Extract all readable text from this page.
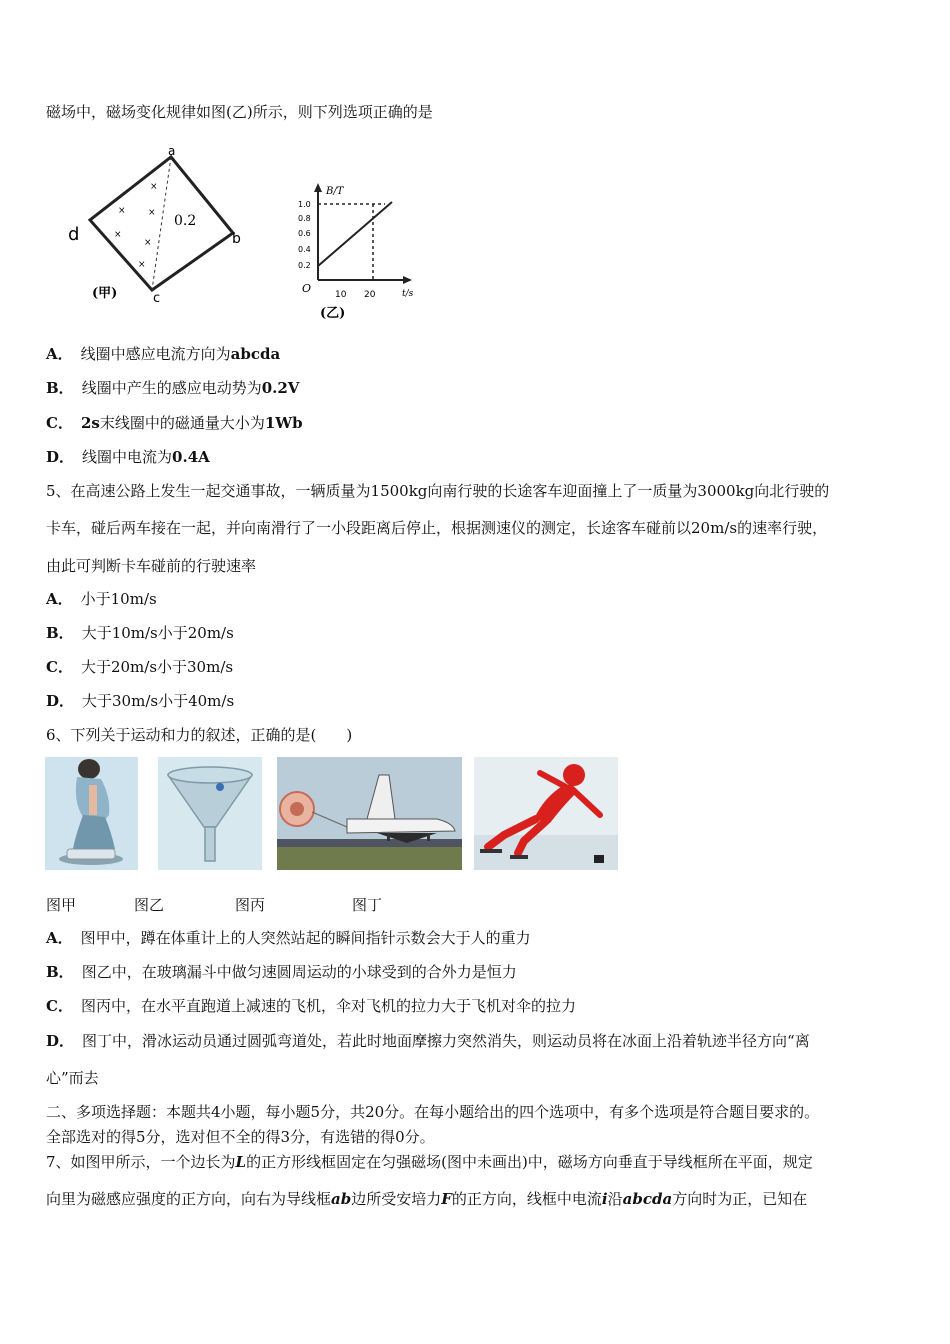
磁场中，磁场变化规律如图(乙)所示，则下列选项正确的是
a
b
c
d
×
× ×
×
×
×
0.2
(甲)
B/T
t/s
1.0
0.8
0.6
0.4
0.2
O	10 20
(乙)
A． 线圈中感应电流方向为abcda
B． 线圈中产生的感应电动势为0.2V
C． 2s末线圈中的磁通量大小为1Wb
D． 线圈中电流为0.4A
5、在高速公路上发生一起交通事故，一辆质量为1500kg向南行驶的长途客车迎面撞上了一质量为3000kg向北行驶的
卡车，碰后两车接在一起，并向南滑行了一小段距离后停止，根据测速仪的测定，长途客车碰前以20m/s的速率行驶，
由此可判断卡车碰前的行驶速率
A． 小于10m/s
B． 大于10m/s小于20m/s
C． 大于20m/s小于30m/s
D． 大于30m/s小于40m/s
6、下列关于运动和力的叙述，正确的是(　　)
图甲	图乙	图丙	图丁
A． 图甲中，蹲在体重计上的人突然站起的瞬间指针示数会大于人的重力
B． 图乙中，在玻璃漏斗中做匀速圆周运动的小球受到的合外力是恒力
C． 图丙中，在水平直跑道上减速的飞机，伞对飞机的拉力大于飞机对伞的拉力
D． 图丁中，滑冰运动员通过圆弧弯道处，若此时地面摩擦力突然消失，则运动员将在冰面上沿着轨迹半径方向“离
心”而去
二、多项选择题：本题共4小题，每小题5分，共20分。在每小题给出的四个选项中，有多个选项是符合题目要求的。
全部选对的得5分，选对但不全的得3分，有选错的得0分。
7、如图甲所示，一个边长为L的正方形线框固定在匀强磁场(图中未画出)中，磁场方向垂直于导线框所在平面，规定
向里为磁感应强度的正方向，向右为导线框ab边所受安培力F的正方向，线框中电流i沿abcda方向时为正，已知在
